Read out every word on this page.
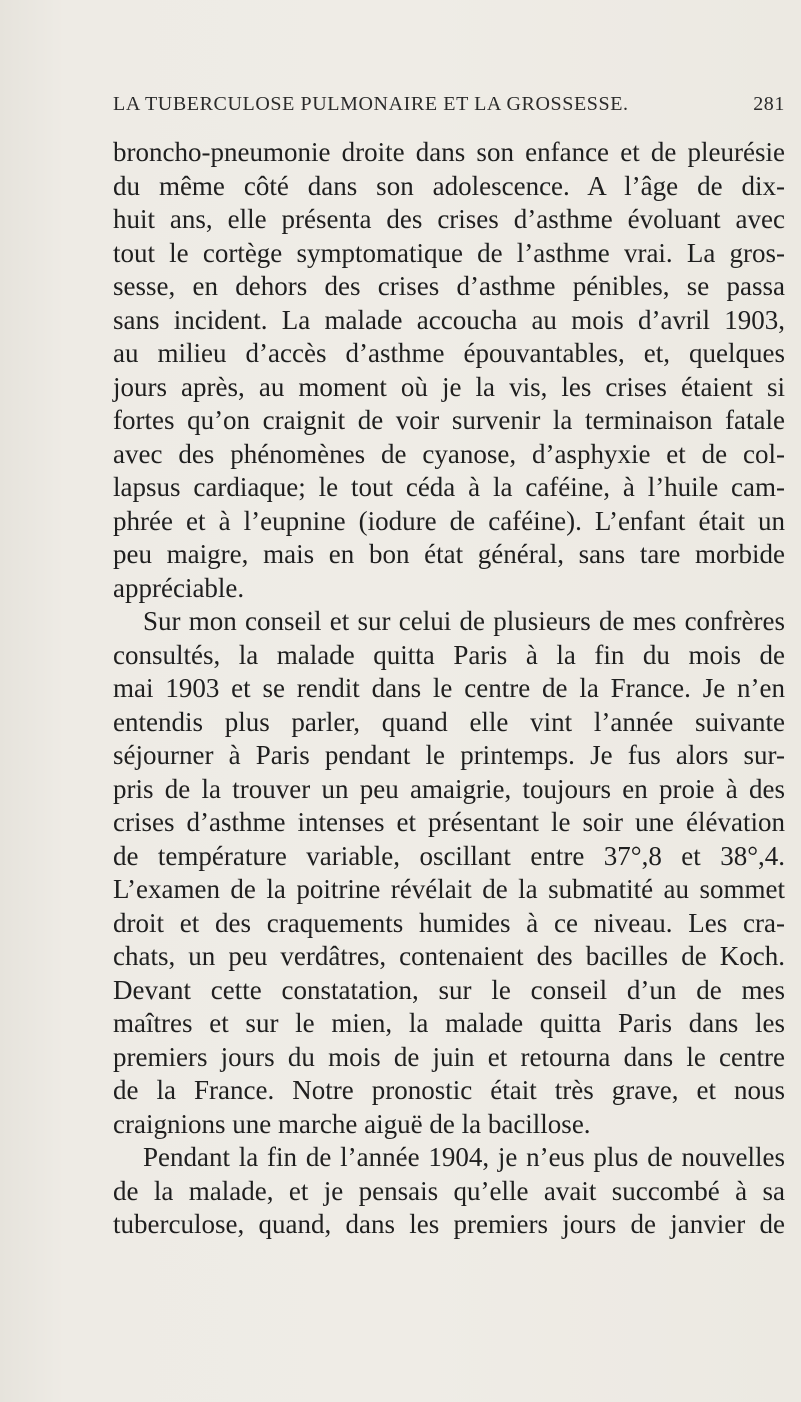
LA TUBERCULOSE PULMONAIRE ET LA GROSSESSE.	281
broncho-pneumonie droite dans son enfance et de pleurésie
du même côté dans son adolescence. A l’âge de dix-
huit ans, elle présenta des crises d’asthme évoluant avec
tout le cortège symptomatique de l’asthme vrai. La gros-
sesse, en dehors des crises d’asthme pénibles, se passa
sans incident. La malade accoucha au mois d’avril 1903,
au milieu d’accès d’asthme épouvantables, et, quelques
jours après, au moment où je la vis, les crises étaient si
fortes qu’on craignit de voir survenir la terminaison fatale
avec des phénomènes de cyanose, d’asphyxie et de col-
lapsus cardiaque; le tout céda à la caféine, à l’huile cam-
phrée et à l’eupnine (iodure de caféine). L’enfant était un
peu maigre, mais en bon état général, sans tare morbide
appréciable.
Sur mon conseil et sur celui de plusieurs de mes confrères
consultés, la malade quitta Paris à la fin du mois de
mai 1903 et se rendit dans le centre de la France. Je n’en
entendis plus parler, quand elle vint l’année suivante
séjourner à Paris pendant le printemps. Je fus alors sur-
pris de la trouver un peu amaigrie, toujours en proie à des
crises d’asthme intenses et présentant le soir une élévation
de température variable, oscillant entre 37°,8 et 38°,4.
L’examen de la poitrine révélait de la submatité au sommet
droit et des craquements humides à ce niveau. Les cra-
chats, un peu verdâtres, contenaient des bacilles de Koch.
Devant cette constatation, sur le conseil d’un de mes
maîtres et sur le mien, la malade quitta Paris dans les
premiers jours du mois de juin et retourna dans le centre
de la France. Notre pronostic était très grave, et nous
craignions une marche aiguë de la bacillose.
Pendant la fin de l’année 1904, je n’eus plus de nouvelles
de la malade, et je pensais qu’elle avait succombé à sa
tuberculose, quand, dans les premiers jours de janvier de
